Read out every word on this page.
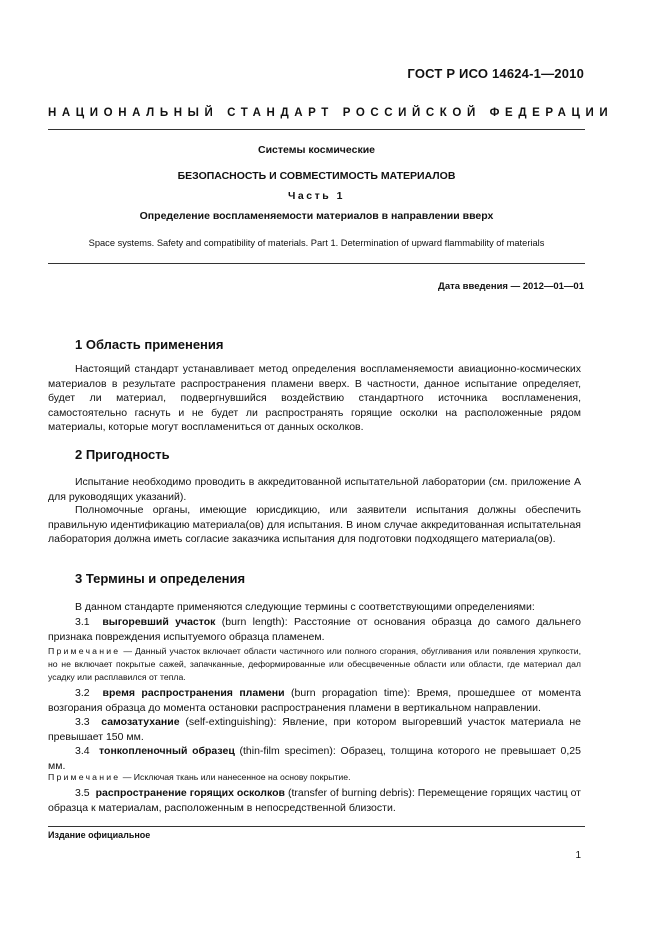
ГОСТ Р ИСО 14624-1—2010
НАЦИОНАЛЬНЫЙ СТАНДАРТ РОССИЙСКОЙ ФЕДЕРАЦИИ
Системы космические
БЕЗОПАСНОСТЬ И СОВМЕСТИМОСТЬ МАТЕРИАЛОВ
Часть 1
Определение воспламеняемости материалов в направлении вверх
Space systems. Safety and compatibility of materials. Part 1. Determination of upward flammability of materials
Дата введения — 2012—01—01
1 Область применения
Настоящий стандарт устанавливает метод определения воспламеняемости авиационно-космических материалов в результате распространения пламени вверх. В частности, данное испытание определяет, будет ли материал, подвергнувшийся воздействию стандартного источника воспламенения, самостоятельно гаснуть и не будет ли распространять горящие осколки на расположенные рядом материалы, которые могут воспламениться от данных осколков.
2 Пригодность
Испытание необходимо проводить в аккредитованной испытательной лаборатории (см. приложение А для руководящих указаний).
Полномочные органы, имеющие юрисдикцию, или заявители испытания должны обеспечить правильную идентификацию материала(ов) для испытания. В ином случае аккредитованная испытательная лаборатория должна иметь согласие заказчика испытания для подготовки подходящего материала(ов).
3 Термины и определения
В данном стандарте применяются следующие термины с соответствующими определениями:
3.1 выгоревший участок (burn length): Расстояние от основания образца до самого дальнего признака повреждения испытуемого образца пламенем.
Примечание — Данный участок включает области частичного или полного сгорания, обугливания или появления хрупкости, но не включает покрытые сажей, запачканные, деформированные или обесцвеченные области или области, где материал дал усадку или расплавился от тепла.
3.2 время распространения пламени (burn propagation time): Время, прошедшее от момента возгорания образца до момента остановки распространения пламени в вертикальном направлении.
3.3 самозатухание (self-extinguishing): Явление, при котором выгоревший участок материала не превышает 150 мм.
3.4 тонкопленочный образец (thin-film specimen): Образец, толщина которого не превышает 0,25 мм.
Примечание — Исключая ткань или нанесенное на основу покрытие.
3.5 распространение горящих осколков (transfer of burning debris): Перемещение горящих частиц от образца к материалам, расположенным в непосредственной близости.
Издание официальное
1
